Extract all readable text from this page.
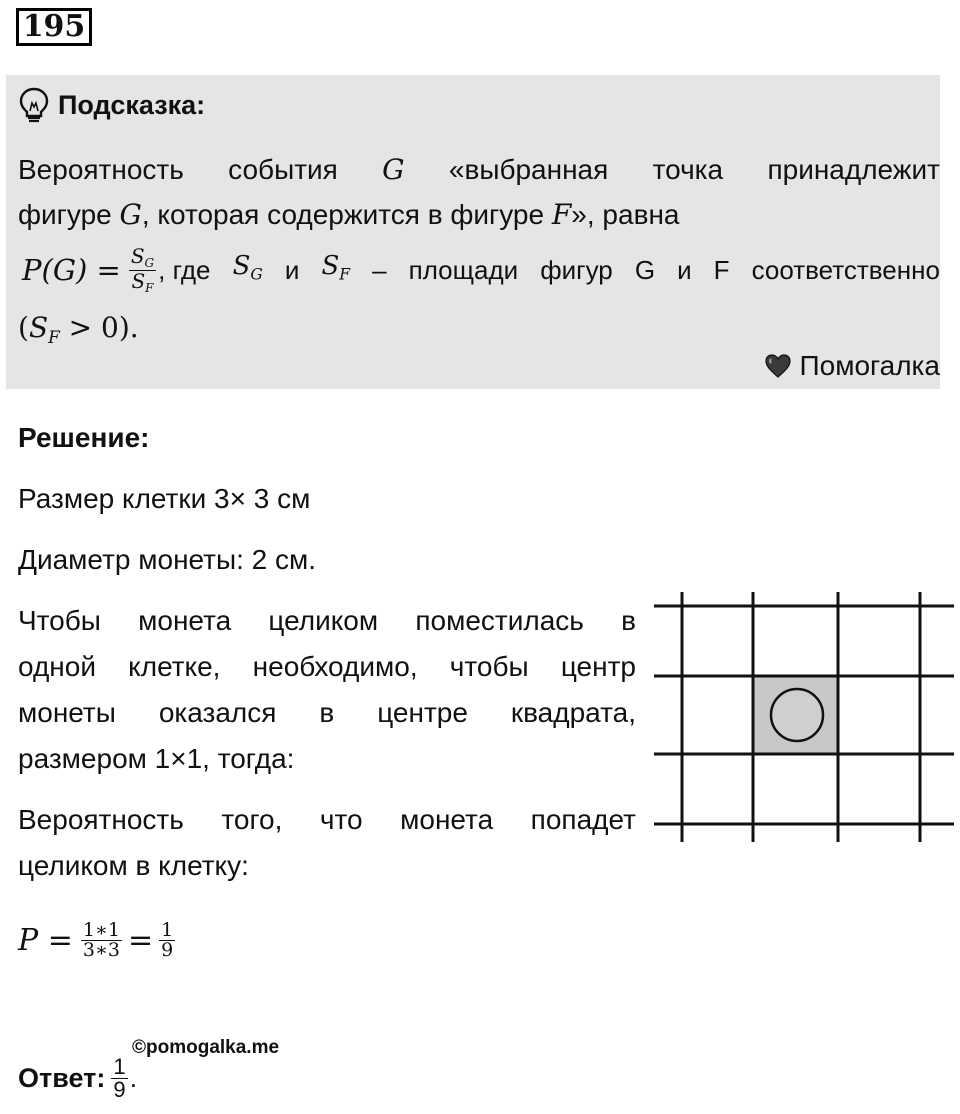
195
Подсказка:
Вероятность события G «выбранная точка принадлежит
фигуре G, которая содержится в фигуре F», равна
$P(G) = \frac{S_G}{S_F}$ , где $S_G$ и $S_F$ – площади фигур G и F соответственно
$(S_F > 0)$.
Помогалка
Решение:
Размер клетки 3× 3 см
Диаметр монеты: 2 см.
Чтобы монета целиком поместилась в
одной клетке, необходимо, чтобы центр
монеты оказался в центре квадрата,
размером 1×1, тогда:
Вероятность того, что монета попадет
целиком в клетку:
$P = \frac{1∗1}{3∗3} = \frac{1}{9}$
©pomogalka.me
Ответ: $\frac{1}{9}$ .
